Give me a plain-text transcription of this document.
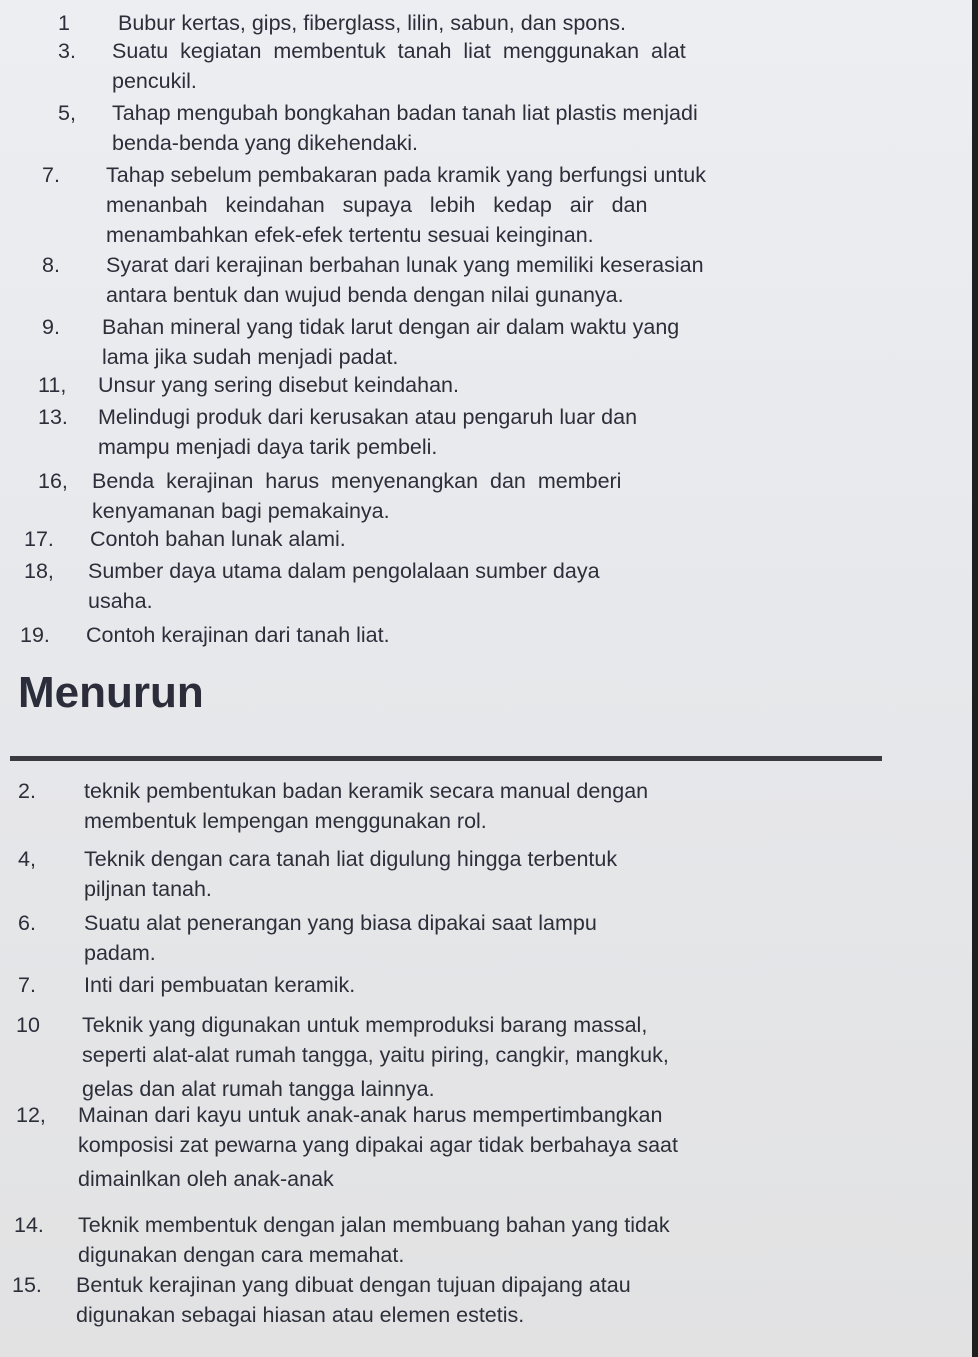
1	Bubur kertas, gips, fiberglass, lilin, sabun, dan spons.
3.	Suatu  kegiatan  membentuk  tanah  liat  menggunakan  alat
pencukil.
5,	Tahap mengubah bongkahan badan tanah liat plastis menjadi
benda-benda yang dikehendaki.
7.	Tahap sebelum pembakaran pada kramik yang berfungsi untuk
menanbah   keindahan   supaya   lebih   kedap   air   dan
menambahkan efek-efek tertentu sesuai keinginan.
8.	Syarat dari kerajinan berbahan lunak yang memiliki keserasian
antara bentuk dan wujud benda dengan nilai gunanya.
9.	Bahan mineral yang tidak larut dengan air dalam waktu yang
lama jika sudah menjadi padat.
11,	Unsur yang sering disebut keindahan.
13.	Melindugi produk dari kerusakan atau pengaruh luar dan
mampu menjadi daya tarik pembeli.
16,	Benda  kerajinan  harus  menyenangkan  dan  memberi
kenyamanan bagi pemakainya.
17.	Contoh bahan lunak alami.
18,	Sumber daya utama dalam pengolalaan sumber daya
usaha.
19.	Contoh kerajinan dari tanah liat.
Menurun
2.	teknik pembentukan badan keramik secara manual dengan
membentuk lempengan menggunakan rol.
4,	Teknik dengan cara tanah liat digulung hingga terbentuk
piljnan tanah.
6.	Suatu alat penerangan yang biasa dipakai saat lampu
padam.
7.	Inti dari pembuatan keramik.
10	Teknik yang digunakan untuk memproduksi barang massal,
seperti alat-alat rumah tangga, yaitu piring, cangkir, mangkuk,
gelas dan alat rumah tangga lainnya.
12,	Mainan dari kayu untuk anak-anak harus mempertimbangkan
komposisi zat pewarna yang dipakai agar tidak berbahaya saat
dimainlkan oleh anak-anak
14.	Teknik membentuk dengan jalan membuang bahan yang tidak
digunakan dengan cara memahat.
15.	Bentuk kerajinan yang dibuat dengan tujuan dipajang atau
digunakan sebagai hiasan atau elemen estetis.
